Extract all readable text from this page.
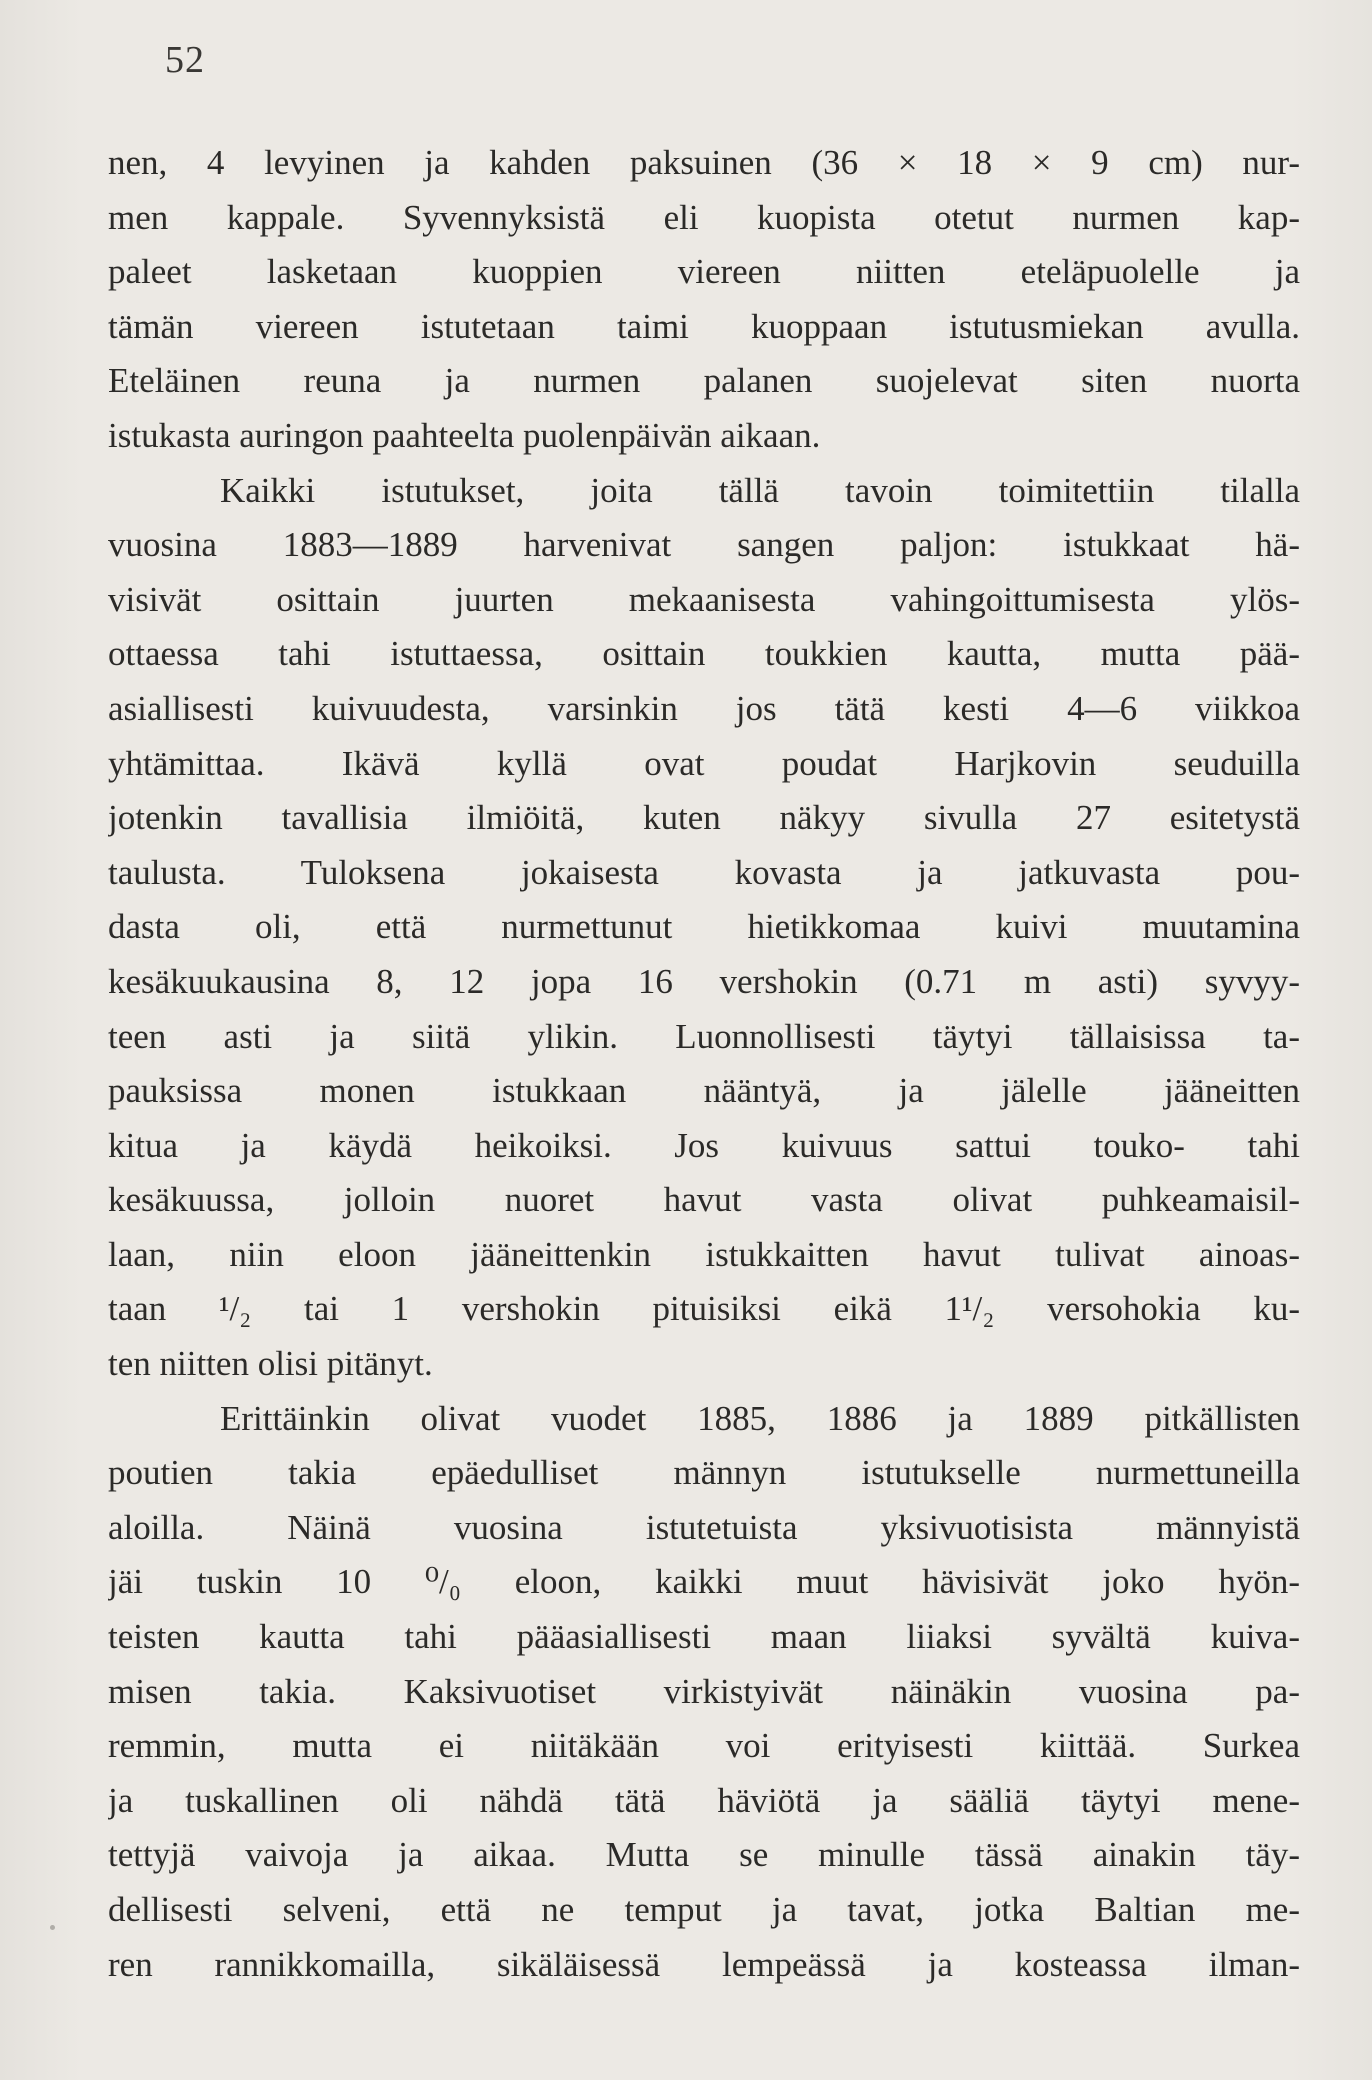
52
nen, 4 levyinen ja kahden paksuinen (36 × 18 × 9 cm) nur-
men kappale. Syvennyksistä eli kuopista otetut nurmen kap-
paleet lasketaan kuoppien viereen niitten eteläpuolelle ja
tämän viereen istutetaan taimi kuoppaan istutusmiekan avulla.
Eteläinen reuna ja nurmen palanen suojelevat siten nuorta
istukasta auringon paahteelta puolenpäivän aikaan.
Kaikki istutukset, joita tällä tavoin toimitettiin tilalla
vuosina 1883—1889 harvenivat sangen paljon: istukkaat hä-
visivät osittain juurten mekaanisesta vahingoittumisesta ylös-
ottaessa tahi istuttaessa, osittain toukkien kautta, mutta pää-
asiallisesti kuivuudesta, varsinkin jos tätä kesti 4—6 viikkoa
yhtämittaa. Ikävä kyllä ovat poudat Harjkovin seuduilla
jotenkin tavallisia ilmiöitä, kuten näkyy sivulla 27 esitetystä
taulusta. Tuloksena jokaisesta kovasta ja jatkuvasta pou-
dasta oli, että nurmettunut hietikkomaa kuivi muutamina
kesäkuukausina 8, 12 jopa 16 vershokin (0.71 m asti) syvyy-
teen asti ja siitä ylikin. Luonnollisesti täytyi tällaisissa ta-
pauksissa monen istukkaan nääntyä, ja jälelle jääneitten
kitua ja käydä heikoiksi. Jos kuivuus sattui touko- tahi
kesäkuussa, jolloin nuoret havut vasta olivat puhkeamaisil-
laan, niin eloon jääneittenkin istukkaitten havut tulivat ainoas-
taan ¹/₂ tai 1 vershokin pituisiksi eikä 1¹/₂ versohokia ku-
ten niitten olisi pitänyt.
Erittäinkin olivat vuodet 1885, 1886 ja 1889 pitkällisten
poutien takia epäedulliset männyn istutukselle nurmettuneilla
aloilla. Näinä vuosina istutetuista yksivuotisista männyistä
jäi tuskin 10 ⁰/₀ eloon, kaikki muut hävisivät joko hyön-
teisten kautta tahi pääasiallisesti maan liiaksi syvältä kuiva-
misen takia. Kaksivuotiset virkistyivät näinäkin vuosina pa-
remmin, mutta ei niitäkään voi erityisesti kiittää. Surkea
ja tuskallinen oli nähdä tätä häviötä ja sääliä täytyi mene-
tettyjä vaivoja ja aikaa. Mutta se minulle tässä ainakin täy-
dellisesti selveni, että ne temput ja tavat, jotka Baltian me-
ren rannikkomailla, sikäläisessä lempeässä ja kosteassa ilman-
